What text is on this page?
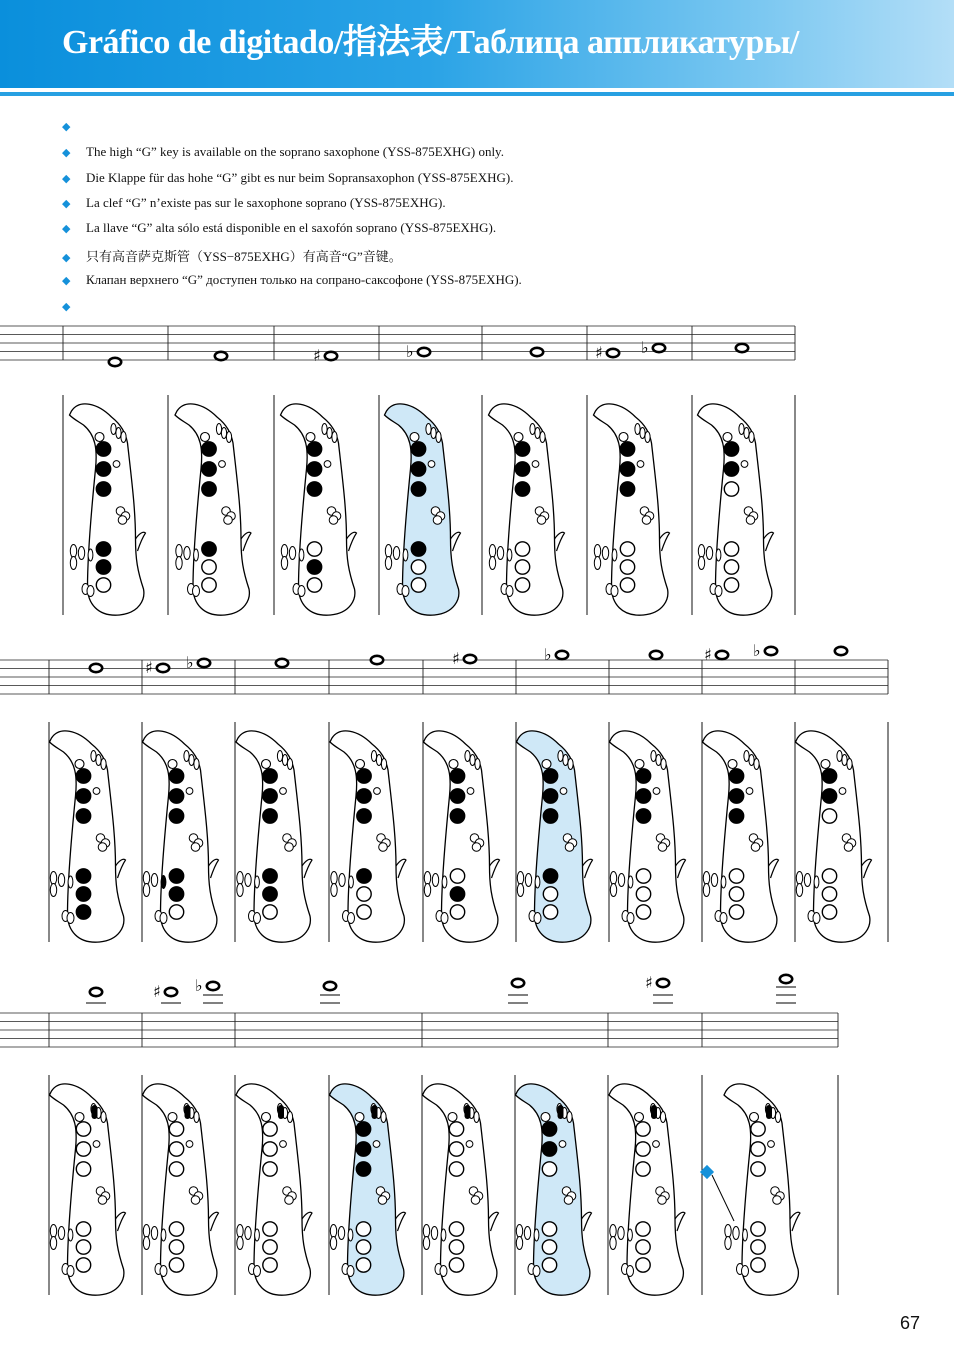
Gráfico de digitado/指法表/Таблица аппликатуры/
◆
◆ The high “G” key is available on the soprano saxophone (YSS-875EXHG) only.
◆ Die Klappe für das hohe “G” gibt es nur beim Sopransaxophon (YSS-875EXHG).
◆ La clef “G” n’existe pas sur le saxophone soprano (YSS-875EXHG).
◆ La llave “G” alta sólo está disponible en el saxofón soprano (YSS-875EXHG).
◆ 只有高音萨克斯管（YSS−875EXHG）有高音“G”音键。
◆ Клапан верхнего “G” доступен только на сопрано-саксофоне (YSS-875EXHG).
◆
♯	♭	♯ ♭
♯ ♭	♯	♭	♯	♭
♯ ♭	♯
67
